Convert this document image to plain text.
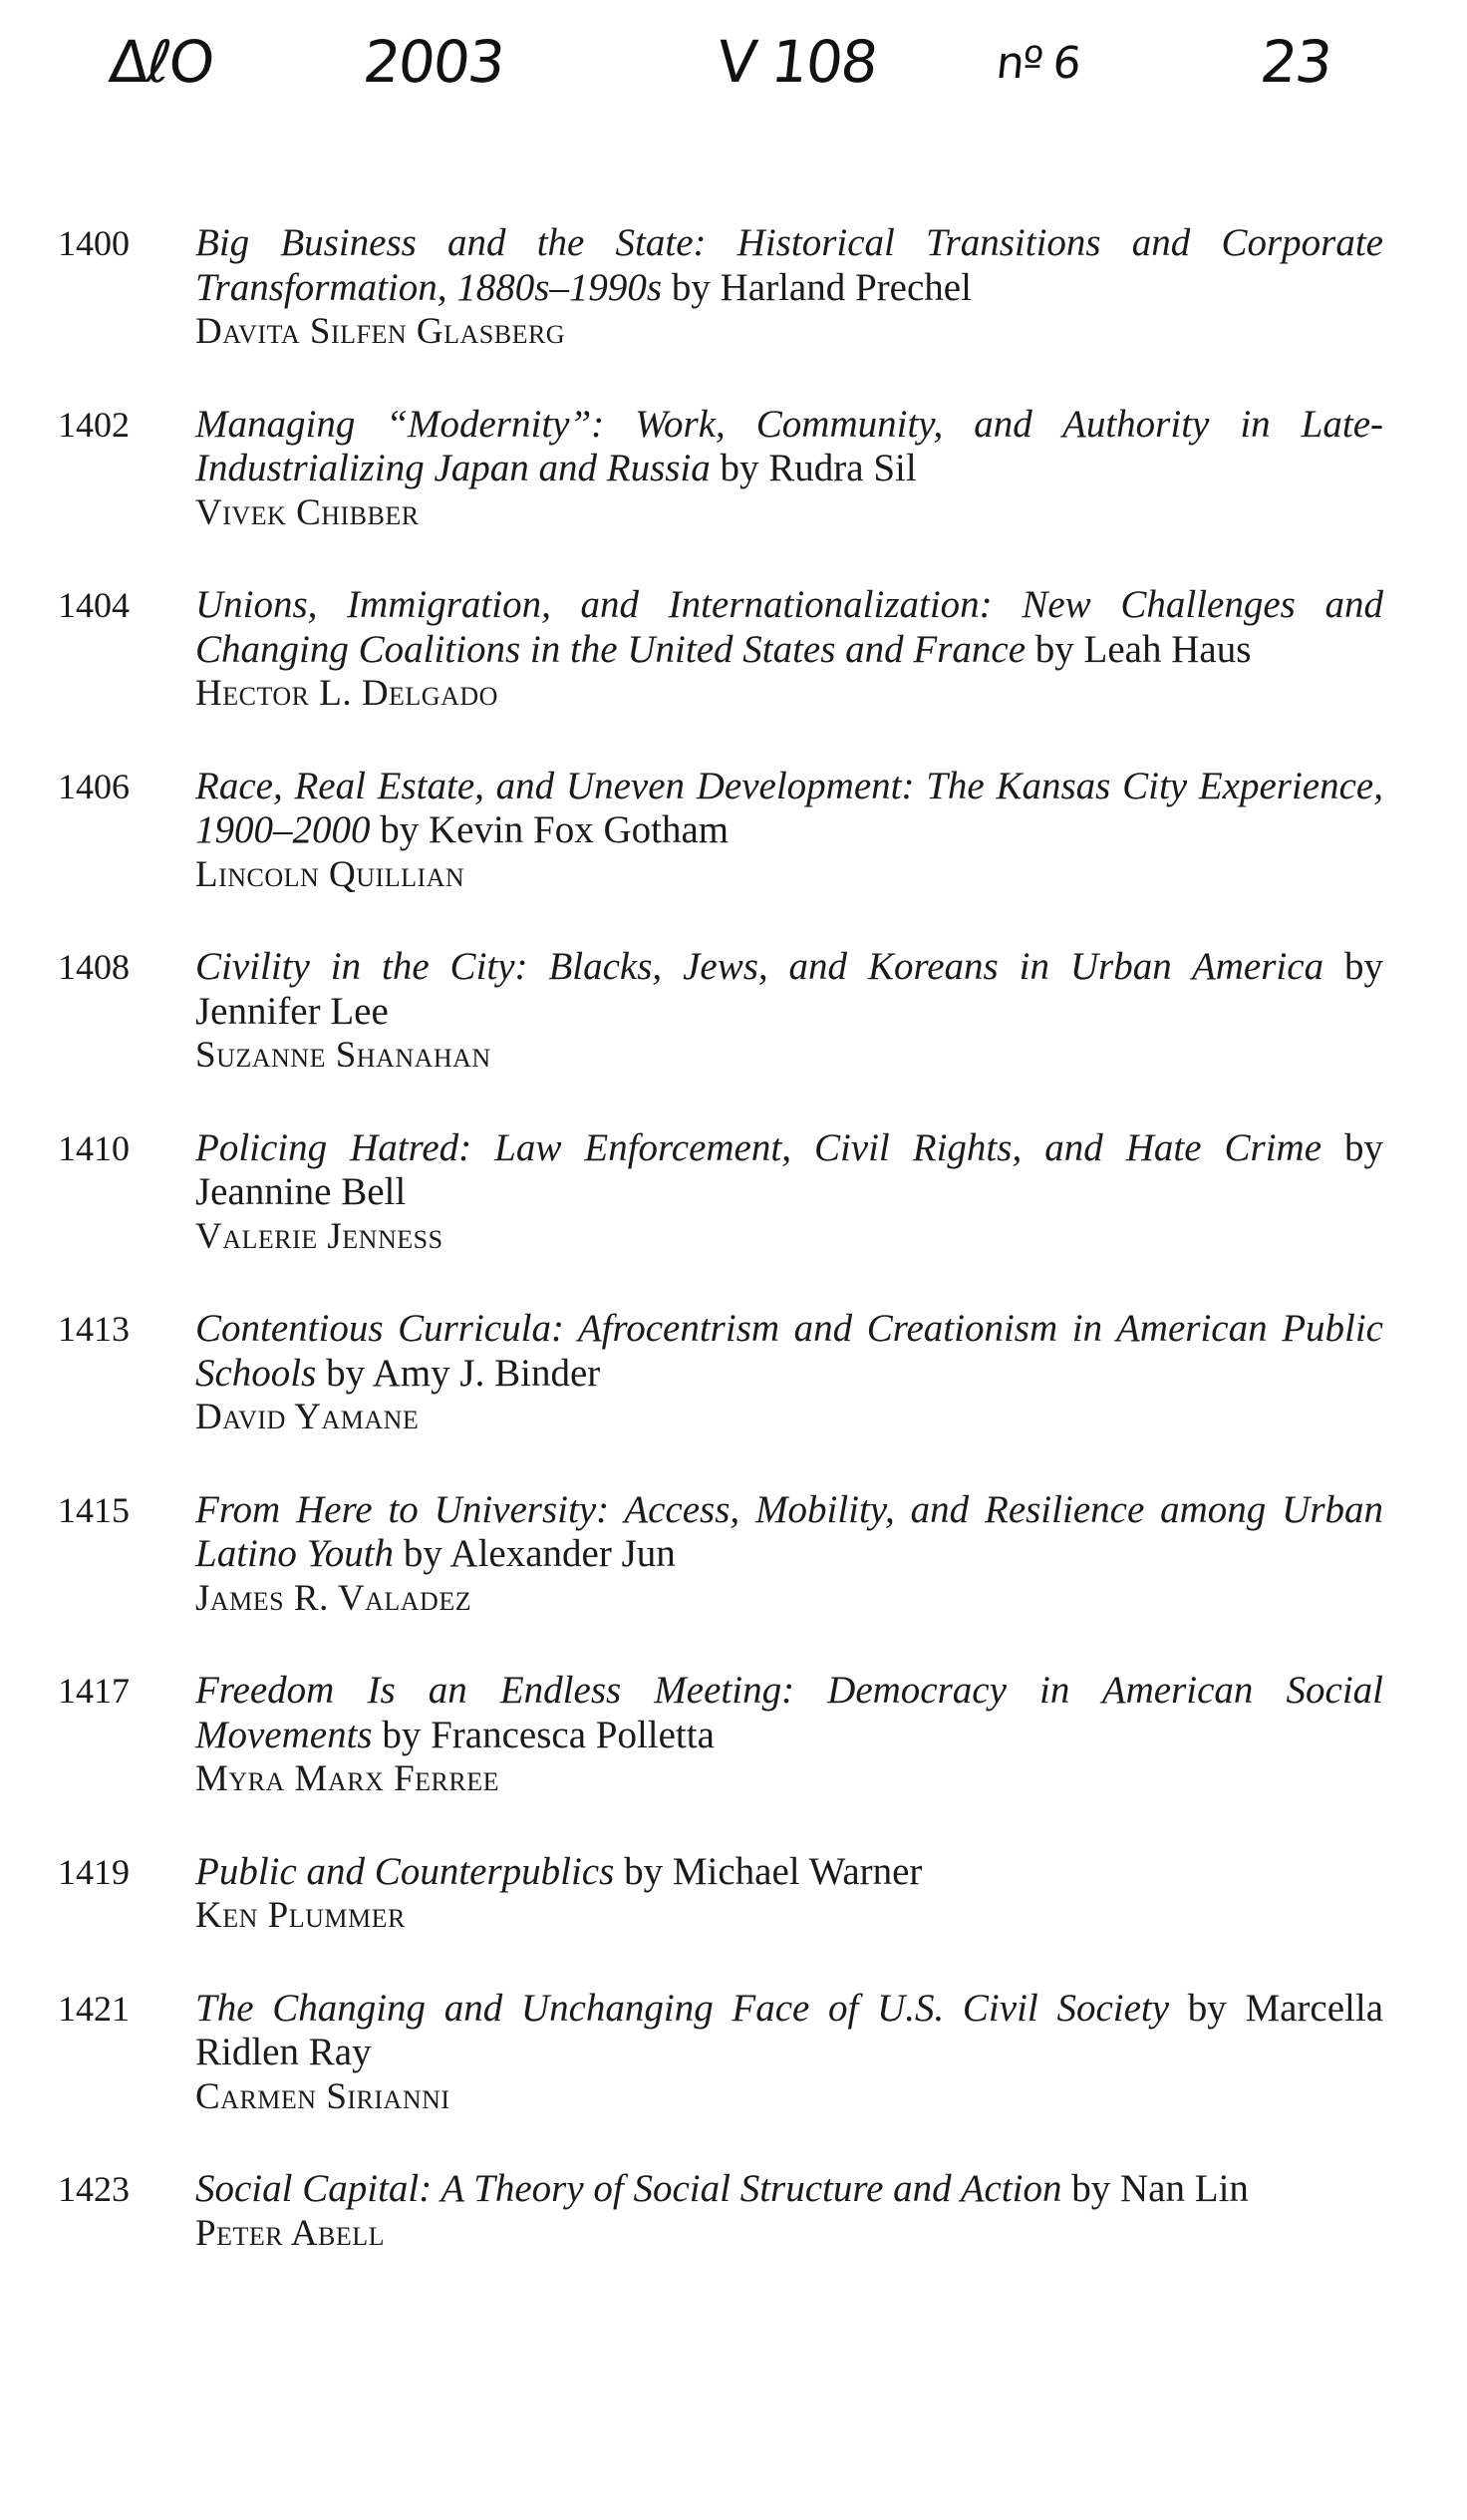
ΔℓO 2003	V 108	nº 6	23
1400	Big Business and the State: Historical Transitions and Corporate Transformation, 1880s–1990s by Harland Prechel
Davita Silfen Glasberg
1402	Managing “Modernity”: Work, Community, and Authority in Late-Industrializing Japan and Russia by Rudra Sil
Vivek Chibber
1404	Unions, Immigration, and Internationalization: New Challenges and Changing Coalitions in the United States and France by Leah Haus
Hector L. Delgado
1406	Race, Real Estate, and Uneven Development: The Kansas City Experience, 1900–2000 by Kevin Fox Gotham
Lincoln Quillian
1408	Civility in the City: Blacks, Jews, and Koreans in Urban America by Jennifer Lee
Suzanne Shanahan
1410	Policing Hatred: Law Enforcement, Civil Rights, and Hate Crime by Jeannine Bell
Valerie Jenness
1413	Contentious Curricula: Afrocentrism and Creationism in American Public Schools by Amy J. Binder
David Yamane
1415	From Here to University: Access, Mobility, and Resilience among Urban Latino Youth by Alexander Jun
James R. Valadez
1417	Freedom Is an Endless Meeting: Democracy in American Social Movements by Francesca Polletta
Myra Marx Ferree
1419	Public and Counterpublics by Michael Warner
Ken Plummer
1421	The Changing and Unchanging Face of U.S. Civil Society by Marcella Ridlen Ray
Carmen Sirianni
1423	Social Capital: A Theory of Social Structure and Action by Nan Lin
Peter Abell
